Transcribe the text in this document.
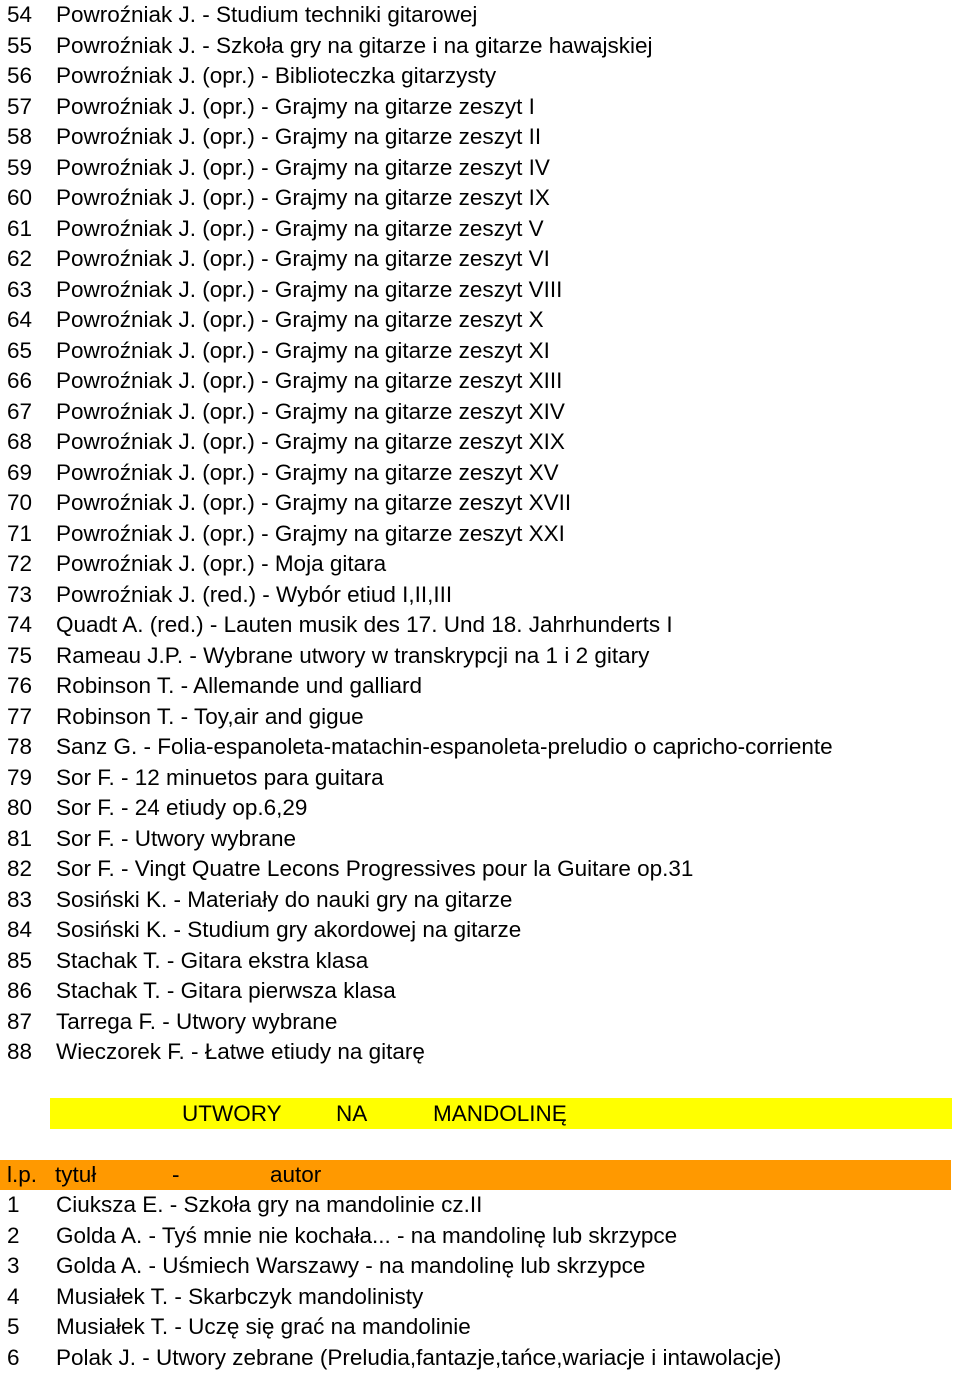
54 Powroźniak J. - Studium techniki gitarowej
55 Powroźniak J. - Szkoła gry na gitarze i na gitarze hawajskiej
56 Powroźniak J. (opr.) - Biblioteczka gitarzysty
57 Powroźniak J. (opr.) - Grajmy na gitarze zeszyt I
58 Powroźniak J. (opr.) - Grajmy na gitarze zeszyt II
59 Powroźniak J. (opr.) - Grajmy na gitarze zeszyt IV
60 Powroźniak J. (opr.) - Grajmy na gitarze zeszyt IX
61 Powroźniak J. (opr.) - Grajmy na gitarze zeszyt V
62 Powroźniak J. (opr.) - Grajmy na gitarze zeszyt VI
63 Powroźniak J. (opr.) - Grajmy na gitarze zeszyt VIII
64 Powroźniak J. (opr.) - Grajmy na gitarze zeszyt X
65 Powroźniak J. (opr.) - Grajmy na gitarze zeszyt XI
66 Powroźniak J. (opr.) - Grajmy na gitarze zeszyt XIII
67 Powroźniak J. (opr.) - Grajmy na gitarze zeszyt XIV
68 Powroźniak J. (opr.) - Grajmy na gitarze zeszyt XIX
69 Powroźniak J. (opr.) - Grajmy na gitarze zeszyt XV
70 Powroźniak J. (opr.) - Grajmy na gitarze zeszyt XVII
71 Powroźniak J. (opr.) - Grajmy na gitarze zeszyt XXI
72 Powroźniak J. (opr.) - Moja gitara
73 Powroźniak J. (red.) - Wybór etiud I,II,III
74 Quadt A. (red.) - Lauten musik des 17. Und 18. Jahrhunderts I
75 Rameau J.P. - Wybrane utwory w transkrypcji na 1 i 2 gitary
76 Robinson T. - Allemande und galliard
77 Robinson T. - Toy,air and gigue
78 Sanz G. - Folia-espanoleta-matachin-espanoleta-preludio o capricho-corriente
79 Sor F. - 12 minuetos para guitara
80 Sor F. - 24 etiudy op.6,29
81 Sor F. - Utwory wybrane
82 Sor F. - Vingt Quatre Lecons Progressives pour la Guitare op.31
83 Sosiński K. - Materiały do nauki gry na gitarze
84 Sosiński K. - Studium gry akordowej na gitarze
85 Stachak T. - Gitara ekstra klasa
86 Stachak T. - Gitara pierwsza klasa
87 Tarrega F. - Utwory wybrane
88 Wieczorek F. - Łatwe etiudy na gitarę
UTWORY NA	MANDOLINĘ
l.p. tytuł	-	autor
1 Ciuksza E. - Szkoła gry na mandolinie cz.II
2 Golda A. - Tyś mnie nie kochała... - na mandolinę lub skrzypce
3 Golda A. - Uśmiech Warszawy - na mandolinę lub skrzypce
4 Musiałek T. - Skarbczyk mandolinisty
5 Musiałek T. - Uczę się grać na mandolinie
6 Polak J. - Utwory zebrane (Preludia,fantazje,tańce,wariacje i intawolacje)
